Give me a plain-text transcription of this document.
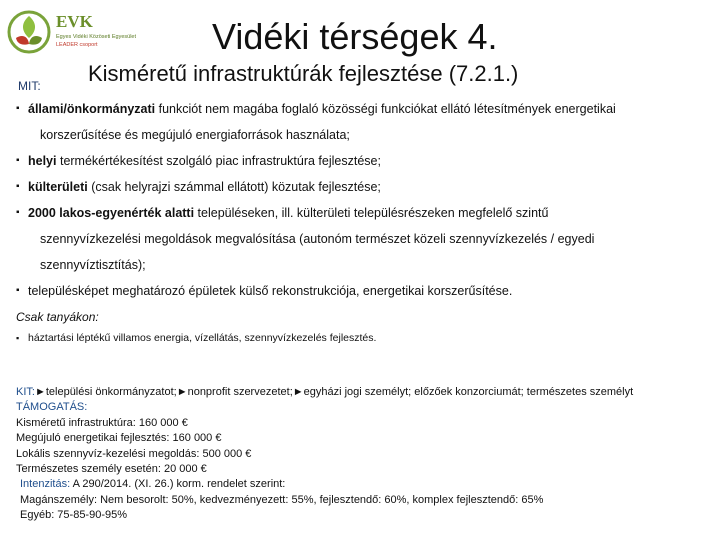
EVK
Egyes Vidéki Közöseti Egyesület
LEADER csoport	Vidéki térségek 4.
Kisméretű infrastruktúrák fejlesztése (7.2.1.)
MIT:
▪ állami/önkormányzati funkciót nem magába foglaló közösségi funkciókat ellátó létesítmények energetikai
korszerűsítése és megújuló energiaforrások használata;
▪ helyi termékértékesítést szolgáló piac infrastruktúra fejlesztése;
▪ külterületi (csak helyrajzi számmal ellátott) közutak fejlesztése;
▪ 2000 lakos-egyenérték alatti településeken, ill. külterületi településrészeken megfelelő szintű
szennyvízkezelési megoldások megvalósítása (autonóm természet közeli szennyvízkezelés / egyedi
szennyvíztisztítás);
▪ településképet meghatározó épületek külső rekonstrukciója, energetikai korszerűsítése.
Csak tanyákon:
▪ háztartási léptékű villamos energia, vízellátás, szennyvízkezelés fejlesztés.
KIT:►települési önkormányzatot;►nonprofit szervezetet;►egyházi jogi személyt; előzőek konzorciumát; természetes személyt
TÁMOGATÁS:
Kisméretű infrastruktúra: 160 000 €
Megújuló energetikai fejlesztés: 160 000 €
Lokális szennyvíz-kezelési megoldás: 500 000 €
Természetes személy esetén: 20 000 €
Intenzitás: A 290/2014. (XI. 26.) korm. rendelet szerint:
Magánszemély: Nem besorolt: 50%, kedvezményezett: 55%, fejlesztendő: 60%, komplex fejlesztendő: 65%
Egyéb: 75-85-90-95%
